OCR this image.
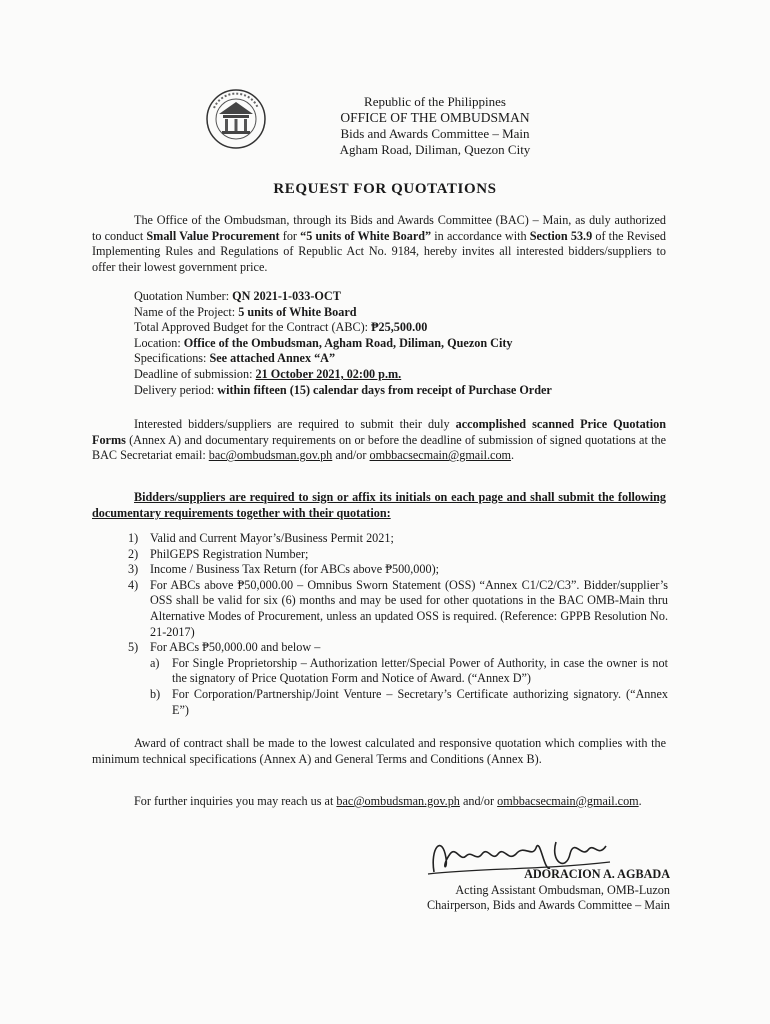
Republic of the Philippines
OFFICE OF THE OMBUDSMAN
Bids and Awards Committee – Main
Agham Road, Diliman, Quezon City
REQUEST FOR QUOTATIONS
The Office of the Ombudsman, through its Bids and Awards Committee (BAC) – Main, as duly authorized to conduct Small Value Procurement for “5 units of White Board” in accordance with Section 53.9 of the Revised Implementing Rules and Regulations of Republic Act No. 9184, hereby invites all interested bidders/suppliers to offer their lowest government price.
Quotation Number: QN 2021-1-033-OCT
Name of the Project: 5 units of White Board
Total Approved Budget for the Contract (ABC): ₱25,500.00
Location: Office of the Ombudsman, Agham Road, Diliman, Quezon City
Specifications: See attached Annex “A”
Deadline of submission: 21 October 2021, 02:00 p.m.
Delivery period: within fifteen (15) calendar days from receipt of Purchase Order
Interested bidders/suppliers are required to submit their duly accomplished scanned Price Quotation Forms (Annex A) and documentary requirements on or before the deadline of submission of signed quotations at the BAC Secretariat email: bac@ombudsman.gov.ph and/or ombbacsecmain@gmail.com.
Bidders/suppliers are required to sign or affix its initials on each page and shall submit the following documentary requirements together with their quotation:
1) Valid and Current Mayor’s/Business Permit 2021;
2) PhilGEPS Registration Number;
3) Income / Business Tax Return (for ABCs above ₱500,000);
4) For ABCs above ₱50,000.00 – Omnibus Sworn Statement (OSS) “Annex C1/C2/C3”. Bidder/supplier’s OSS shall be valid for six (6) months and may be used for other quotations in the BAC OMB-Main thru Alternative Modes of Procurement, unless an updated OSS is required. (Reference: GPPB Resolution No. 21-2017)
5) For ABCs ₱50,000.00 and below –
a)	For Single Proprietorship – Authorization letter/Special Power of Authority, in case the owner is not the signatory of Price Quotation Form and Notice of Award. (“Annex D”)
b) For Corporation/Partnership/Joint Venture – Secretary’s Certificate authorizing signatory. (“Annex E”)
Award of contract shall be made to the lowest calculated and responsive quotation which complies with the minimum technical specifications (Annex A) and General Terms and Conditions (Annex B).
For further inquiries you may reach us at bac@ombudsman.gov.ph and/or ombbacsecmain@gmail.com.
ADORACION A. AGBADA
Acting Assistant Ombudsman, OMB-Luzon
Chairperson, Bids and Awards Committee – Main
